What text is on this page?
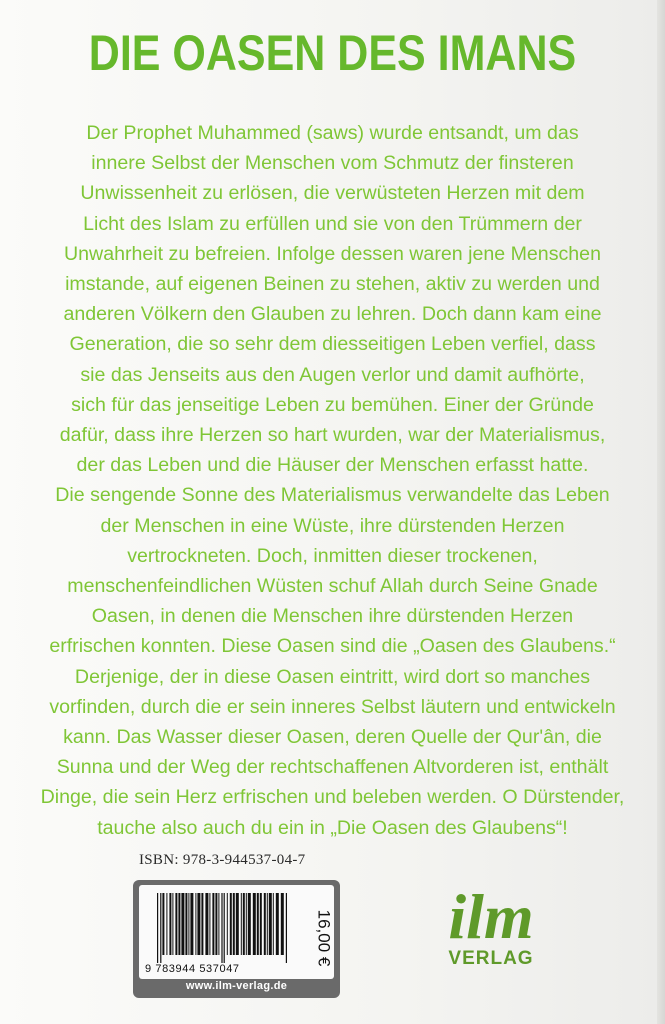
DIE OASEN DES IMANS
Der Prophet Muhammed (saws) wurde entsandt, um das
innere Selbst der Menschen vom Schmutz der finsteren
Unwissenheit zu erlösen, die verwüsteten Herzen mit dem
Licht des Islam zu erfüllen und sie von den Trümmern der
Unwahrheit zu befreien. Infolge dessen waren jene Menschen
imstande, auf eigenen Beinen zu stehen, aktiv zu werden und
anderen Völkern den Glauben zu lehren. Doch dann kam eine
Generation, die so sehr dem diesseitigen Leben verfiel, dass
sie das Jenseits aus den Augen verlor und damit aufhörte,
sich für das jenseitige Leben zu bemühen. Einer der Gründe
dafür, dass ihre Herzen so hart wurden, war der Materialismus,
der das Leben und die Häuser der Menschen erfasst hatte.
Die sengende Sonne des Materialismus verwandelte das Leben
der Menschen in eine Wüste, ihre dürstenden Herzen
vertrockneten. Doch, inmitten dieser trockenen,
menschenfeindlichen Wüsten schuf Allah durch Seine Gnade
Oasen, in denen die Menschen ihre dürstenden Herzen
erfrischen konnten. Diese Oasen sind die „Oasen des Glaubens.“
Derjenige, der in diese Oasen eintritt, wird dort so manches
vorfinden, durch die er sein inneres Selbst läutern und entwickeln
kann. Das Wasser dieser Oasen, deren Quelle der Qur'ân, die
Sunna und der Weg der rechtschaffenen Altvorderen ist, enthält
Dinge, die sein Herz erfrischen und beleben werden. O Dürstender,
tauche also auch du ein in „Die Oasen des Glaubens“!
ISBN: 978-3-944537-04-7
9 783944 537047
16,00 €
www.ilm-verlag.de
ilm
VERLAG
